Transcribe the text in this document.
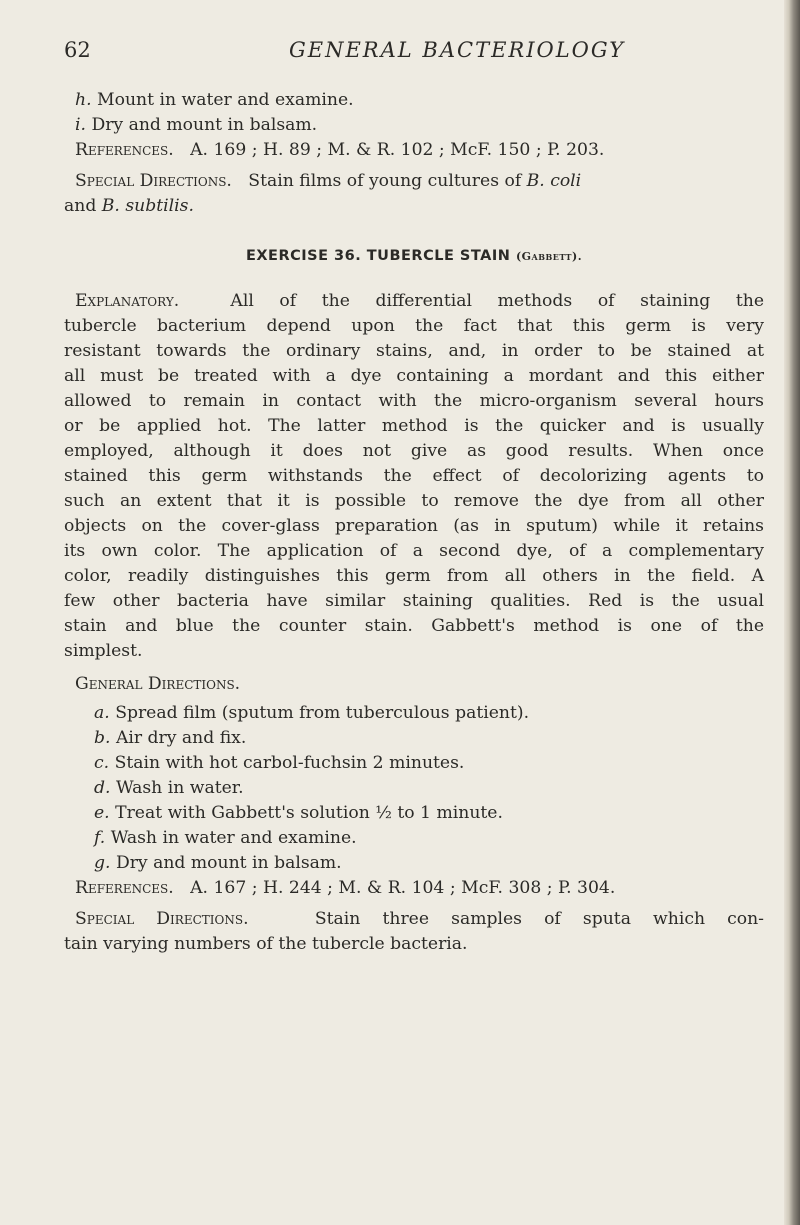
62	GENERAL BACTERIOLOGY
h. Mount in water and examine.
i. Dry and mount in balsam.
References. A. 169 ; H. 89 ; M. & R. 102 ; McF. 150 ; P. 203.
Special Directions. Stain films of young cultures of B. coli
and B. subtilis.
EXERCISE 36. TUBERCLE STAIN (Gabbett).
Explanatory.	All of the differential methods of staining the
tubercle bacterium depend upon the fact that this germ is very
resistant towards the ordinary stains, and, in order to be stained at
all must be treated with a dye containing a mordant and this either
allowed to remain in contact with the micro-organism several hours
or be applied hot. The latter method is the quicker and is usually
employed, although it does not give as good results. When once
stained this germ withstands the effect of decolorizing agents to
such an extent that it is possible to remove the dye from all other
objects on the cover-glass preparation (as in sputum) while it retains
its own color. The application of a second dye, of a complementary
color, readily distinguishes this germ from all others in the field. A
few other bacteria have similar staining qualities. Red is the usual
stain and blue the counter stain. Gabbett's method is one of the
simplest.
General Directions.
a. Spread film (sputum from tuberculous patient).
b. Air dry and fix.
c. Stain with hot carbol-fuchsin 2 minutes.
d. Wash in water.
e. Treat with Gabbett's solution ½ to 1 minute.
f. Wash in water and examine.
g. Dry and mount in balsam.
References. A. 167 ; H. 244 ; M. & R. 104 ; McF. 308 ; P. 304.
Special Directions.	Stain three samples of sputa which con-
tain varying numbers of the tubercle bacteria.
